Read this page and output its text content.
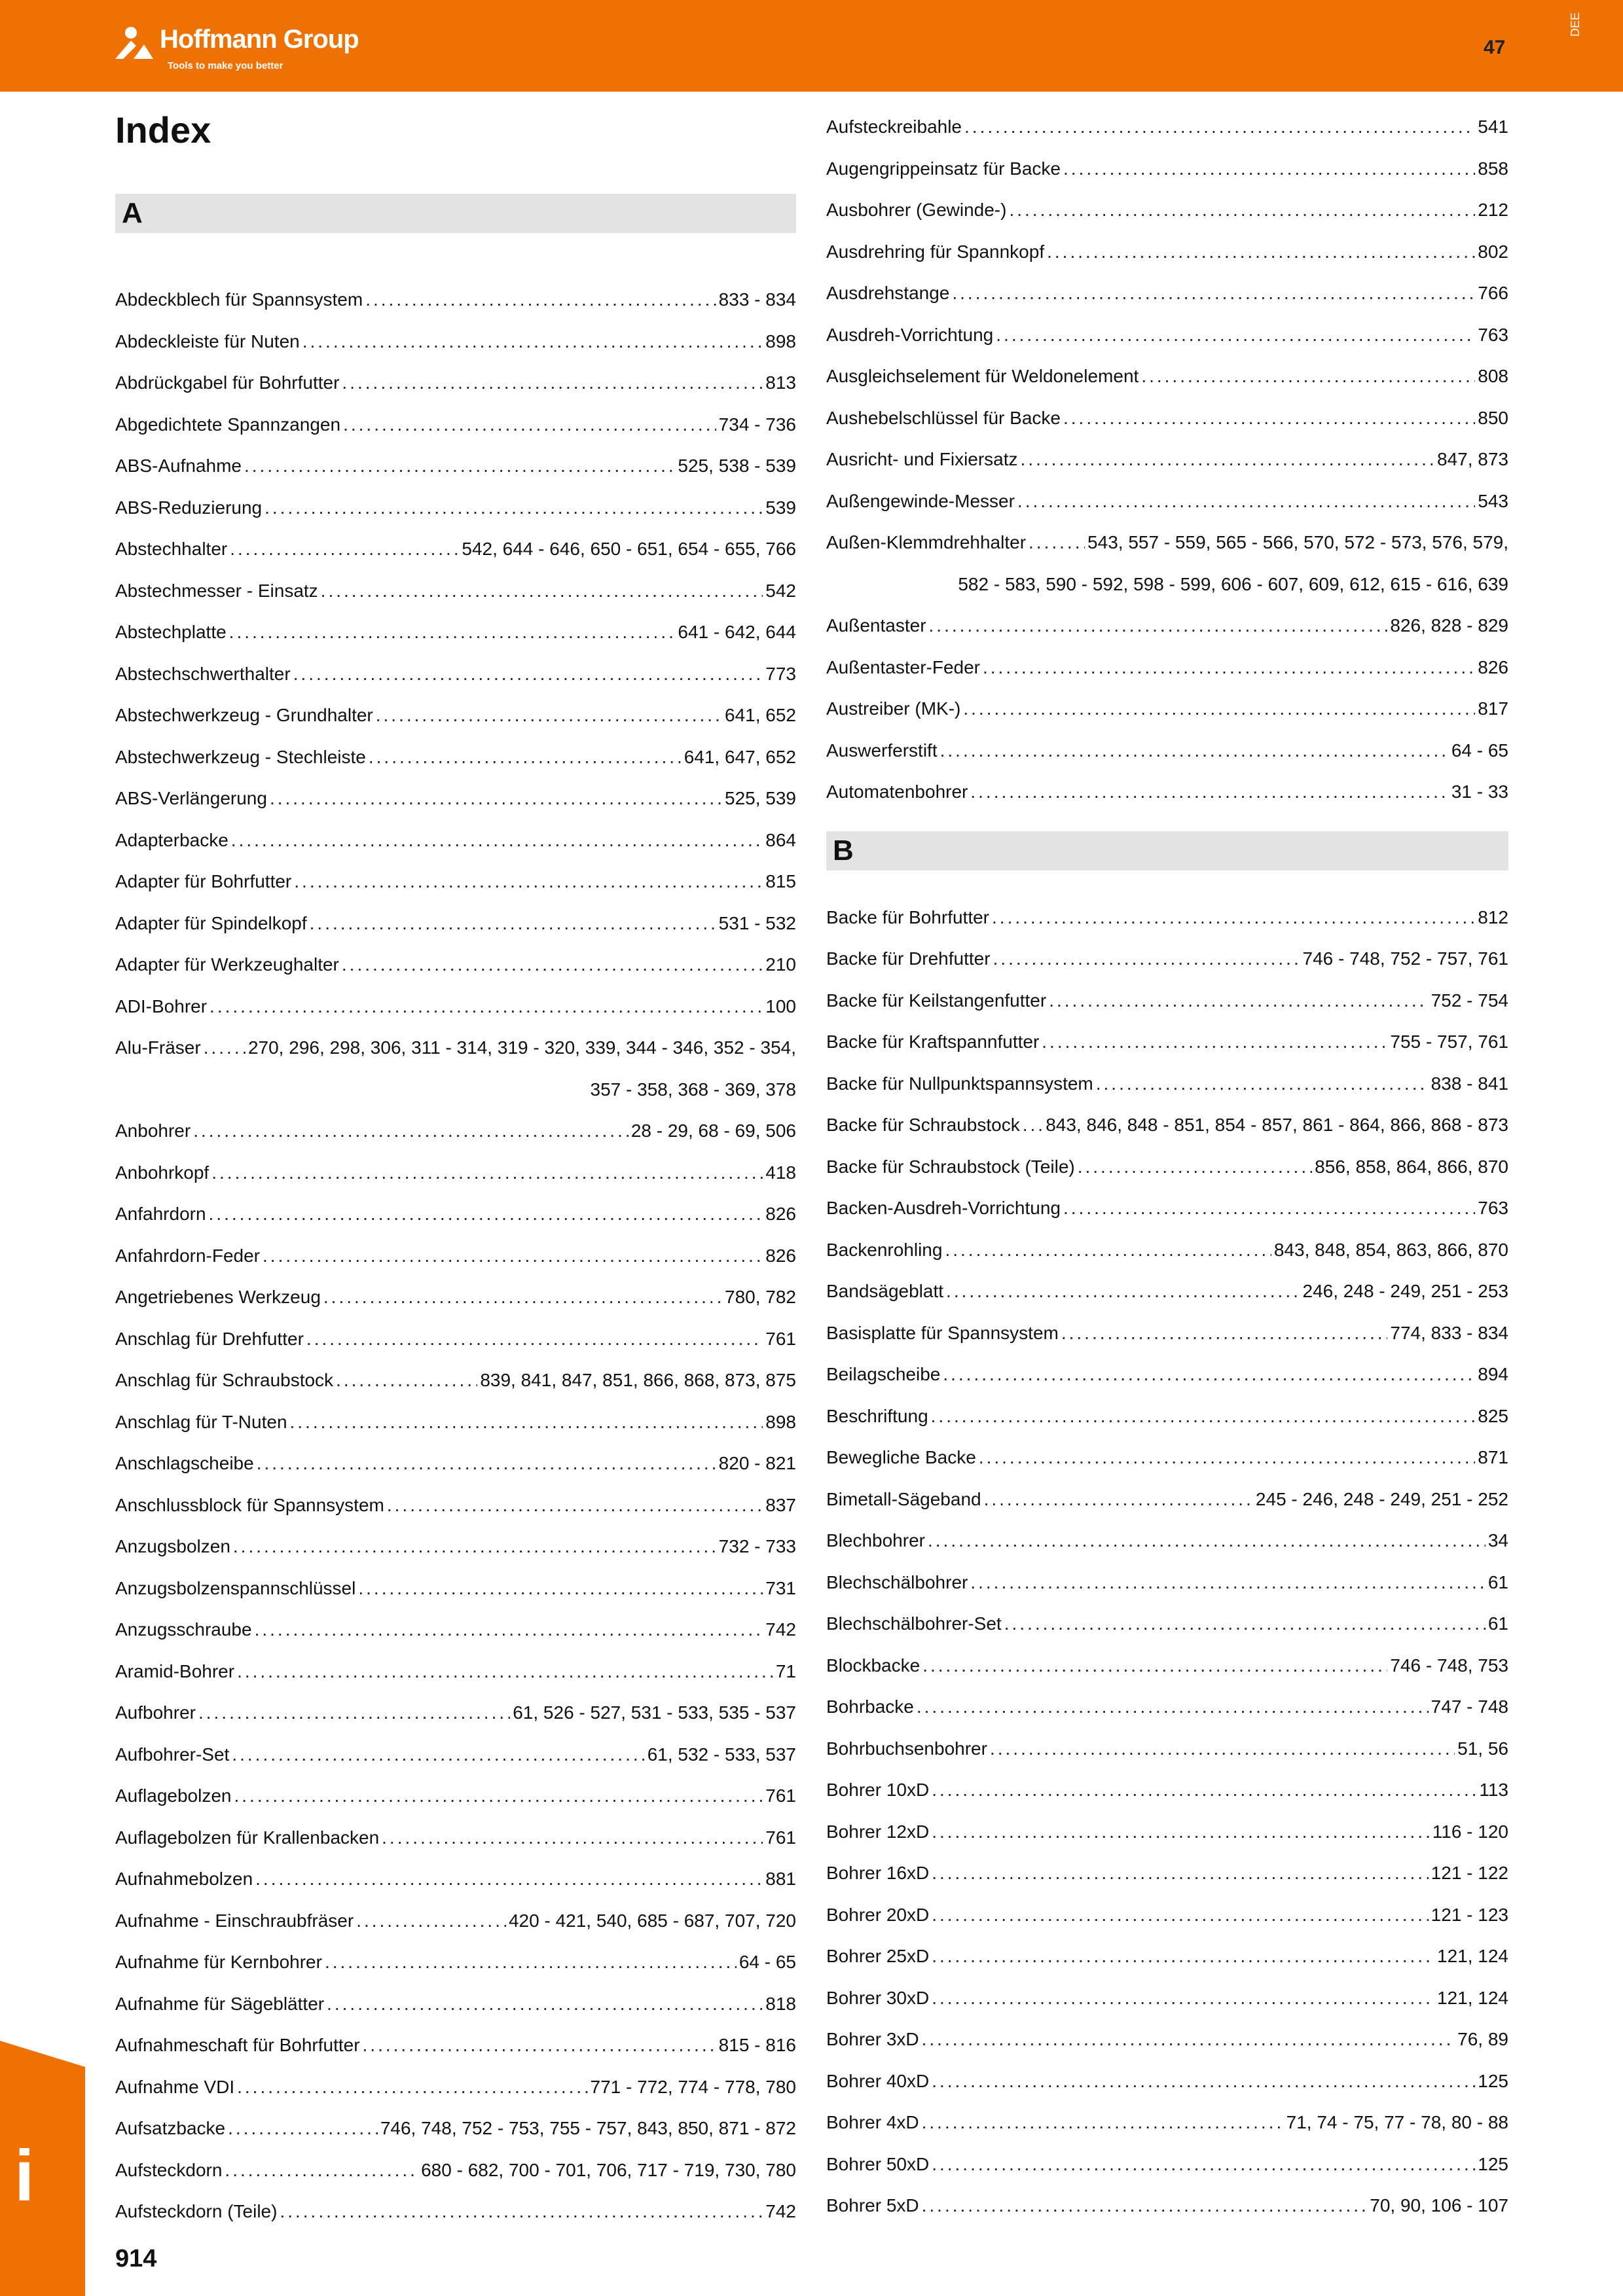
Hoffmann Group
Tools to make you better
47
DEE
i
Index
A
Abdeckblech für Spannsystem .....	833 - 834
Abdeckleiste für Nuten .....	898
Abdrückgabel für Bohrfutter .....	813
Abgedichtete Spannzangen .....	734 - 736
ABS-Aufnahme .....	525, 538 - 539
ABS-Reduzierung .....	539
Abstechhalter .....	542, 644 - 646, 650 - 651, 654 - 655, 766
Abstechmesser - Einsatz .....	542
Abstechplatte .....	641 - 642, 644
Abstechschwerthalter .....	773
Abstechwerkzeug - Grundhalter .....	641, 652
Abstechwerkzeug - Stechleiste .....	641, 647, 652
ABS-Verlängerung .....	525, 539
Adapterbacke .....	864
Adapter für Bohrfutter .....	815
Adapter für Spindelkopf .....	531 - 532
Adapter für Werkzeughalter .....	210
ADI-Bohrer .....	100
Alu-Fräser .....	270, 296, 298, 306, 311 - 314, 319 - 320, 339, 344 - 346, 352 - 354,
357 - 358, 368 - 369, 378
Anbohrer .....	28 - 29, 68 - 69, 506
Anbohrkopf .....	418
Anfahrdorn .....	826
Anfahrdorn-Feder .....	826
Angetriebenes Werkzeug .....	780, 782
Anschlag für Drehfutter .....	761
Anschlag für Schraubstock .....	839, 841, 847, 851, 866, 868, 873, 875
Anschlag für T-Nuten .....	898
Anschlagscheibe .....	820 - 821
Anschlussblock für Spannsystem .....	837
Anzugsbolzen .....	732 - 733
Anzugsbolzenspannschlüssel .....	731
Anzugsschraube .....	742
Aramid-Bohrer .....	71
Aufbohrer .....	61, 526 - 527, 531 - 533, 535 - 537
Aufbohrer-Set .....	61, 532 - 533, 537
Auflagebolzen .....	761
Auflagebolzen für Krallenbacken .....	761
Aufnahmebolzen .....	881
Aufnahme - Einschraubfräser .....	420 - 421, 540, 685 - 687, 707, 720
Aufnahme für Kernbohrer .....	64 - 65
Aufnahme für Sägeblätter .....	818
Aufnahmeschaft für Bohrfutter .....	815 - 816
Aufnahme VDI .....	771 - 772, 774 - 778, 780
Aufsatzbacke .....	746, 748, 752 - 753, 755 - 757, 843, 850, 871 - 872
Aufsteckdorn .....	680 - 682, 700 - 701, 706, 717 - 719, 730, 780
Aufsteckdorn (Teile) .....	742
Aufsteckreibahle .....	541
Augengrippeinsatz für Backe .....	858
Ausbohrer (Gewinde-) .....	212
Ausdrehring für Spannkopf .....	802
Ausdrehstange .....	766
Ausdreh-Vorrichtung .....	763
Ausgleichselement für Weldonelement .....	808
Aushebelschlüssel für Backe .....	850
Ausricht- und Fixiersatz .....	847, 873
Außengewinde-Messer .....	543
Außen-Klemmdrehhalter .....	543, 557 - 559, 565 - 566, 570, 572 - 573, 576, 579,
582 - 583, 590 - 592, 598 - 599, 606 - 607, 609, 612, 615 - 616, 639
Außentaster .....	826, 828 - 829
Außentaster-Feder .....	826
Austreiber (MK-) .....	817
Auswerferstift .....	64 - 65
Automatenbohrer .....	31 - 33
B
Backe für Bohrfutter .....	812
Backe für Drehfutter .....	746 - 748, 752 - 757, 761
Backe für Keilstangenfutter .....	752 - 754
Backe für Kraftspannfutter .....	755 - 757, 761
Backe für Nullpunktspannsystem .....	838 - 841
Backe für Schraubstock ..... 843, 846, 848 - 851, 854 - 857, 861 - 864, 866, 868 - 873
Backe für Schraubstock (Teile) .....	856, 858, 864, 866, 870
Backen-Ausdreh-Vorrichtung .....	763
Backenrohling .....	843, 848, 854, 863, 866, 870
Bandsägeblatt .....	246, 248 - 249, 251 - 253
Basisplatte für Spannsystem .....	774, 833 - 834
Beilagscheibe .....	894
Beschriftung .....	825
Bewegliche Backe .....	871
Bimetall-Sägeband .....	245 - 246, 248 - 249, 251 - 252
Blechbohrer .....	34
Blechschälbohrer .....	61
Blechschälbohrer-Set .....	61
Blockbacke .....	746 - 748, 753
Bohrbacke .....	747 - 748
Bohrbuchsenbohrer .....	51, 56
Bohrer 10xD .....	113
Bohrer 12xD .....	116 - 120
Bohrer 16xD .....	121 - 122
Bohrer 20xD .....	121 - 123
Bohrer 25xD .....	121, 124
Bohrer 30xD .....	121, 124
Bohrer 3xD .....	76, 89
Bohrer 40xD .....	125
Bohrer 4xD .....	71, 74 - 75, 77 - 78, 80 - 88
Bohrer 50xD .....	125
Bohrer 5xD .....	70, 90, 106 - 107
914
